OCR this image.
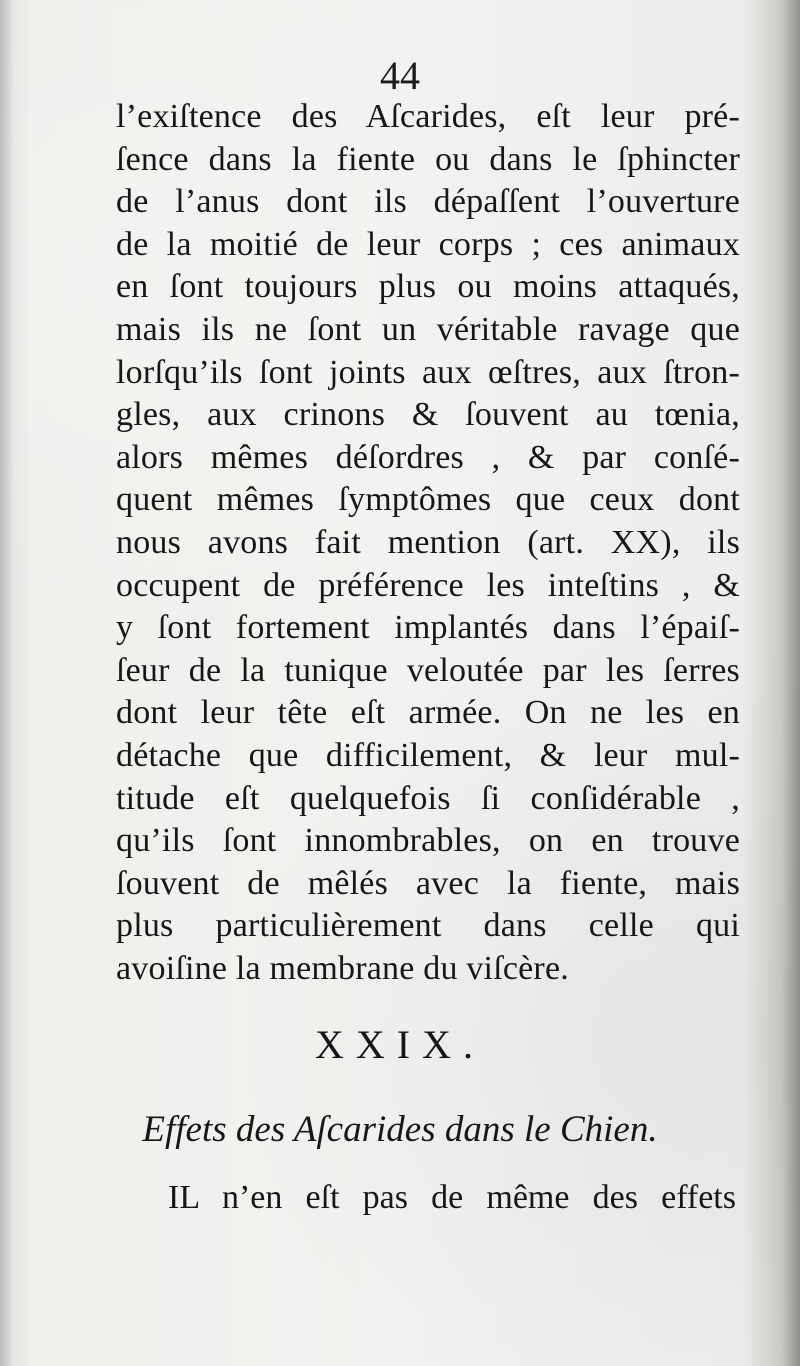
44
l’exiſtence des Aſcarides, eſt leur pré-
ſence dans la fiente ou dans le ſphincter
de l’anus dont ils dépaſſent l’ouverture
de la moitié de leur corps ; ces animaux
en ſont toujours plus ou moins attaqués,
mais ils ne ſont un véritable ravage que
lorſqu’ils ſont joints aux œſtres, aux ſtron-
gles, aux crinons & ſouvent au tœnia,
alors mêmes déſordres , & par conſé-
quent mêmes ſymptômes que ceux dont
nous avons fait mention (art. XX), ils
occupent de préférence les inteſtins , &
y ſont fortement implantés dans l’épaiſ-
ſeur de la tunique veloutée par les ſerres
dont leur tête eſt armée. On ne les en
détache que difficilement, & leur mul-
titude eſt quelquefois ſi conſidérable ,
qu’ils ſont innombrables, on en trouve
ſouvent de mêlés avec la fiente, mais
plus particulièrement dans celle qui
avoiſine la membrane du viſcère.
XXIX.
Effets des Aſcarides dans le Chien.
IL n’en eſt pas de même des effets
